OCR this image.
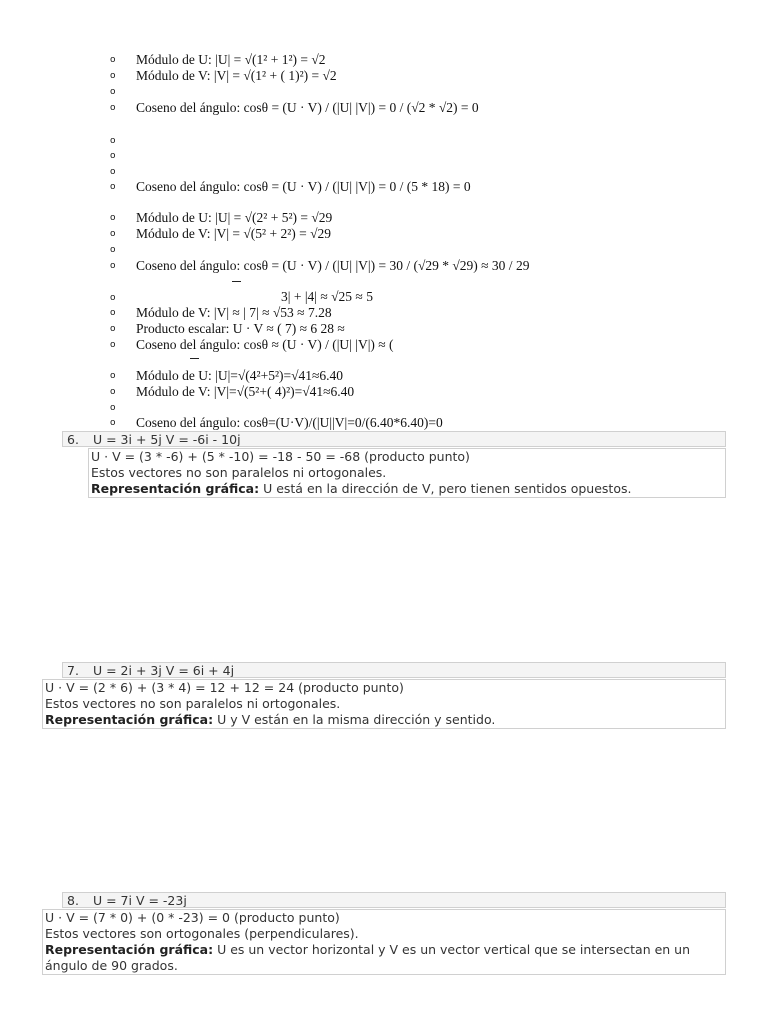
o Módulo de U: |U| = √(1² + 1²) = √2
o Módulo de V: |V| = √(1² + ( 1)²) = √2
o
o Coseno del ángulo: cosθ = (U · V) / (|U| |V|) = 0 / (√2 * √2) = 0
o
o
o
o Coseno del ángulo: cosθ = (U · V) / (|U| |V|) = 0 / (5 * 18) = 0
o Módulo de U: |U| = √(2² + 5²) = √29
o Módulo de V: |V| = √(5² + 2²) = √29
o
o Coseno del ángulo: cosθ = (U · V) / (|U| |V|) = 30 / (√29 * √29) ≈ 30 / 29
3| + |4| ≈ √25 ≈ 5
o
o Módulo de V: |V| ≈ | 7| ≈ √53 ≈ 7.28
o Producto escalar: U · V ≈ ( 7) ≈ 6 28 ≈
o Coseno del ángulo: cosθ ≈ (U · V) / (|U| |V|) ≈ (
o Módulo de U: |U|=√(4²+5²)=√41≈6.40
o Módulo de V: |V|=√(5²+( 4)²)=√41≈6.40
o
o Coseno del ángulo: cosθ=(U·V)/(|U||V|=0/(6.40*6.40)=0
6. U = 3i + 5j V = -6i - 10j
U · V = (3 * -6) + (5 * -10) = -18 - 50 = -68 (producto punto)
Estos vectores no son paralelos ni ortogonales.
Representación gráfica: U está en la dirección de V, pero tienen sentidos opuestos.
7. U = 2i + 3j V = 6i + 4j
U · V = (2 * 6) + (3 * 4) = 12 + 12 = 24 (producto punto)
Estos vectores no son paralelos ni ortogonales.
Representación gráfica: U y V están en la misma dirección y sentido.
8. U = 7i V = -23j
U · V = (7 * 0) + (0 * -23) = 0 (producto punto)
Estos vectores son ortogonales (perpendiculares).
Representación gráfica: U es un vector horizontal y V es un vector vertical que se intersectan en un ángulo de 90 grados.
